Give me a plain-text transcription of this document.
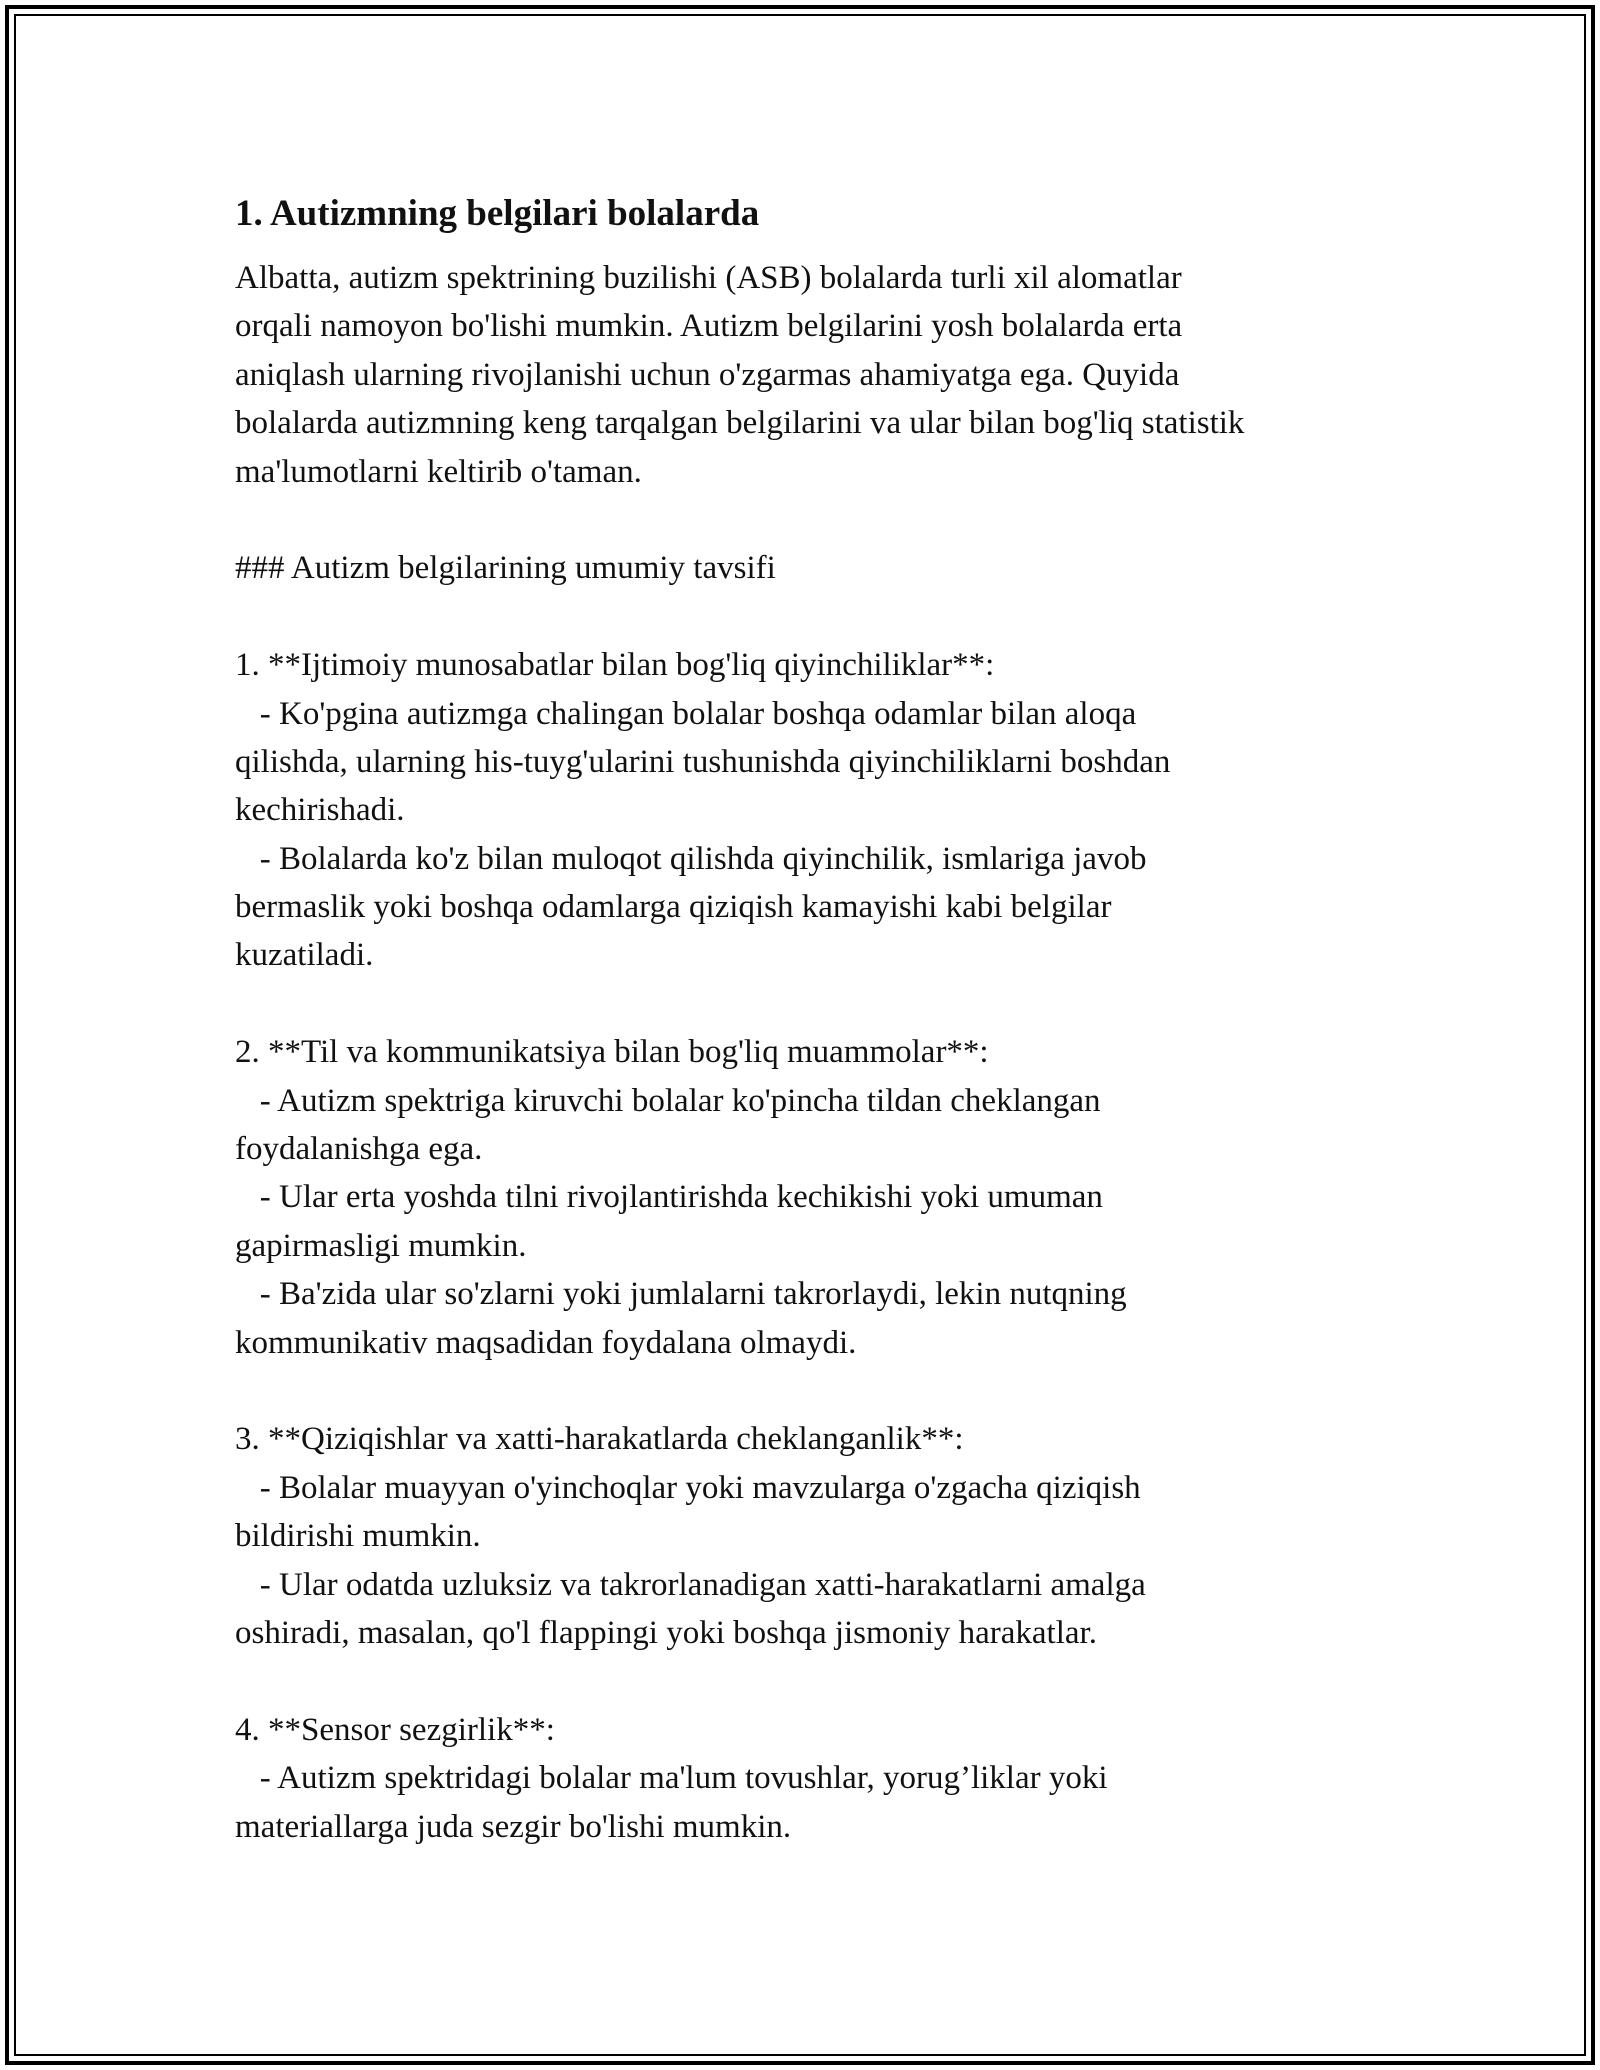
1. Autizmning belgilari bolalarda
Albatta, autizm spektrining buzilishi (ASB) bolalarda turli xil alomatlar
orqali namoyon bo'lishi mumkin. Autizm belgilarini yosh bolalarda erta
aniqlash ularning rivojlanishi uchun o'zgarmas ahamiyatga ega. Quyida
bolalarda autizmning keng tarqalgan belgilarini va ular bilan bog'liq statistik
ma'lumotlarni keltirib o'taman.
### Autizm belgilarining umumiy tavsifi
1. **Ijtimoiy munosabatlar bilan bog'liq qiyinchiliklar**:
- Ko'pgina autizmga chalingan bolalar boshqa odamlar bilan aloqa
qilishda, ularning his-tuyg'ularini tushunishda qiyinchiliklarni boshdan
kechirishadi.
- Bolalarda ko'z bilan muloqot qilishda qiyinchilik, ismlariga javob
bermaslik yoki boshqa odamlarga qiziqish kamayishi kabi belgilar
kuzatiladi.
2. **Til va kommunikatsiya bilan bog'liq muammolar**:
- Autizm spektriga kiruvchi bolalar ko'pincha tildan cheklangan
foydalanishga ega.
- Ular erta yoshda tilni rivojlantirishda kechikishi yoki umuman
gapirmasligi mumkin.
- Ba'zida ular so'zlarni yoki jumlalarni takrorlaydi, lekin nutqning
kommunikativ maqsadidan foydalana olmaydi.
3. **Qiziqishlar va xatti-harakatlarda cheklanganlik**:
- Bolalar muayyan o'yinchoqlar yoki mavzularga o'zgacha qiziqish
bildirishi mumkin.
- Ular odatda uzluksiz va takrorlanadigan xatti-harakatlarni amalga
oshiradi, masalan, qo'l flappingi yoki boshqa jismoniy harakatlar.
4. **Sensor sezgirlik**:
- Autizm spektridagi bolalar ma'lum tovushlar, yorug’liklar yoki
materiallarga juda sezgir bo'lishi mumkin.
